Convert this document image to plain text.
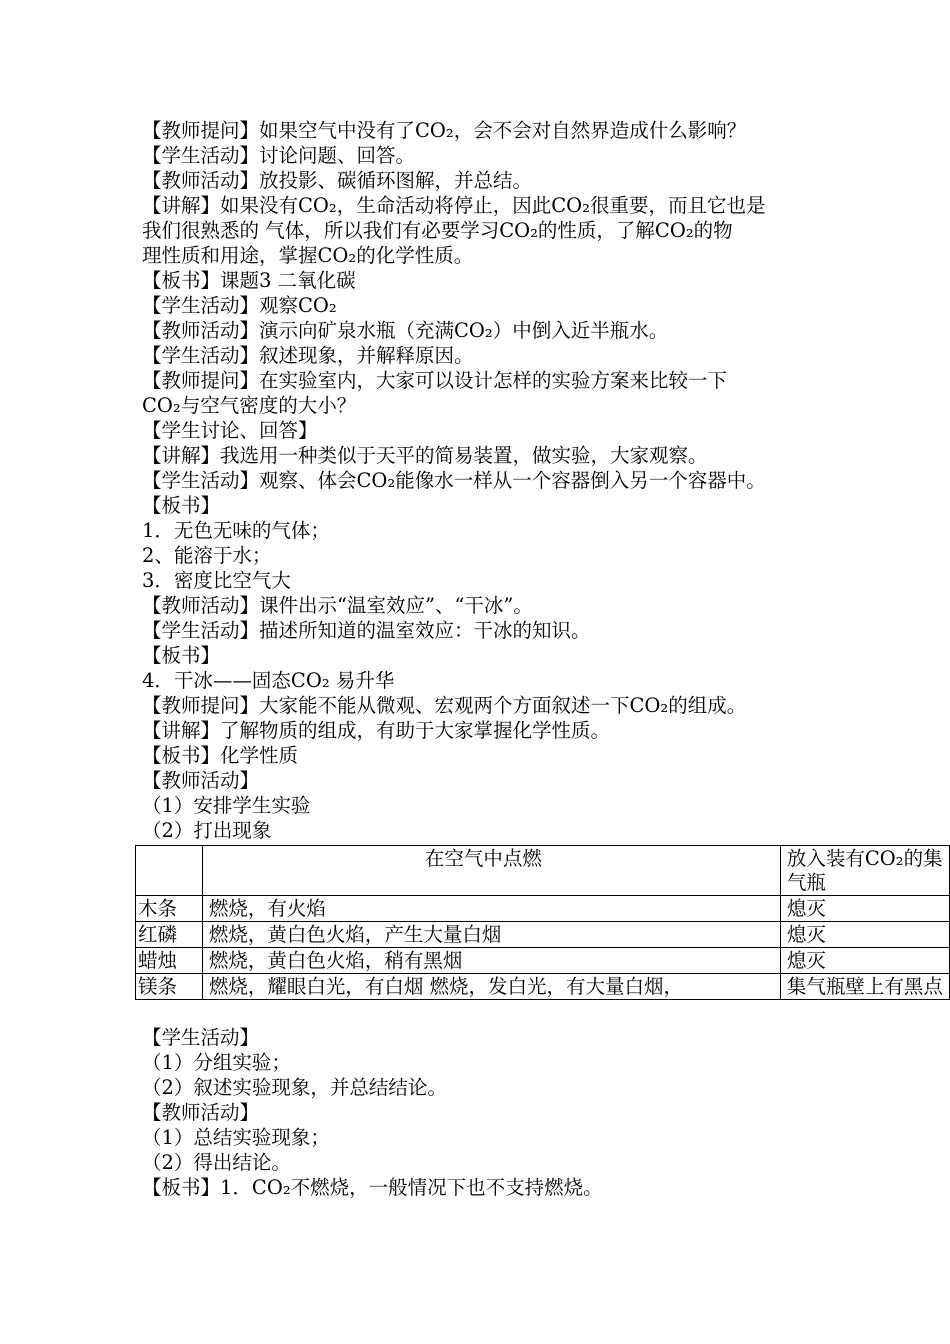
【教师提问】如果空气中没有了CO₂，会不会对自然界造成什么影响？
【学生活动】讨论问题、回答。
【教师活动】放投影、碳循环图解，并总结。
【讲解】如果没有CO₂，生命活动将停止，因此CO₂很重要，而且它也是
我们很熟悉的 气体，所以我们有必要学习CO₂的性质，了解CO₂的物
理性质和用途，掌握CO₂的化学性质。
【板书】课题3 二氧化碳
【学生活动】观察CO₂
【教师活动】演示向矿泉水瓶（充满CO₂）中倒入近半瓶水。
【学生活动】叙述现象，并解释原因。
【教师提问】在实验室内，大家可以设计怎样的实验方案来比较一下
CO₂与空气密度的大小？
【学生讨论、回答】
【讲解】我选用一种类似于天平的简易装置，做实验，大家观察。
【学生活动】观察、体会CO₂能像水一样从一个容器倒入另一个容器中。
【板书】
1．无色无味的气体；
2、能溶于水；
3．密度比空气大
【教师活动】课件出示“温室效应”、“干冰”。
【学生活动】描述所知道的温室效应：干冰的知识。
【板书】
4．干冰——固态CO₂ 易升华
【教师提问】大家能不能从微观、宏观两个方面叙述一下CO₂的组成。
【讲解】了解物质的组成，有助于大家掌握化学性质。
【板书】化学性质
【教师活动】
（1）安排学生实验
（2）打出现象
	在空气中点燃	放入装有CO₂的集气瓶
木条	燃烧，有火焰	熄灭
红磷	燃烧，黄白色火焰，产生大量白烟	熄灭
蜡烛	燃烧，黄白色火焰，稍有黑烟	熄灭
镁条	燃烧，耀眼白光，有白烟 燃烧，发白光，有大量白烟，	集气瓶壁上有黑点
【学生活动】
（1）分组实验；
（2）叙述实验现象，并总结结论。
【教师活动】
（1）总结实验现象；
（2）得出结论。
【板书】1．CO₂不燃烧，一般情况下也不支持燃烧。
